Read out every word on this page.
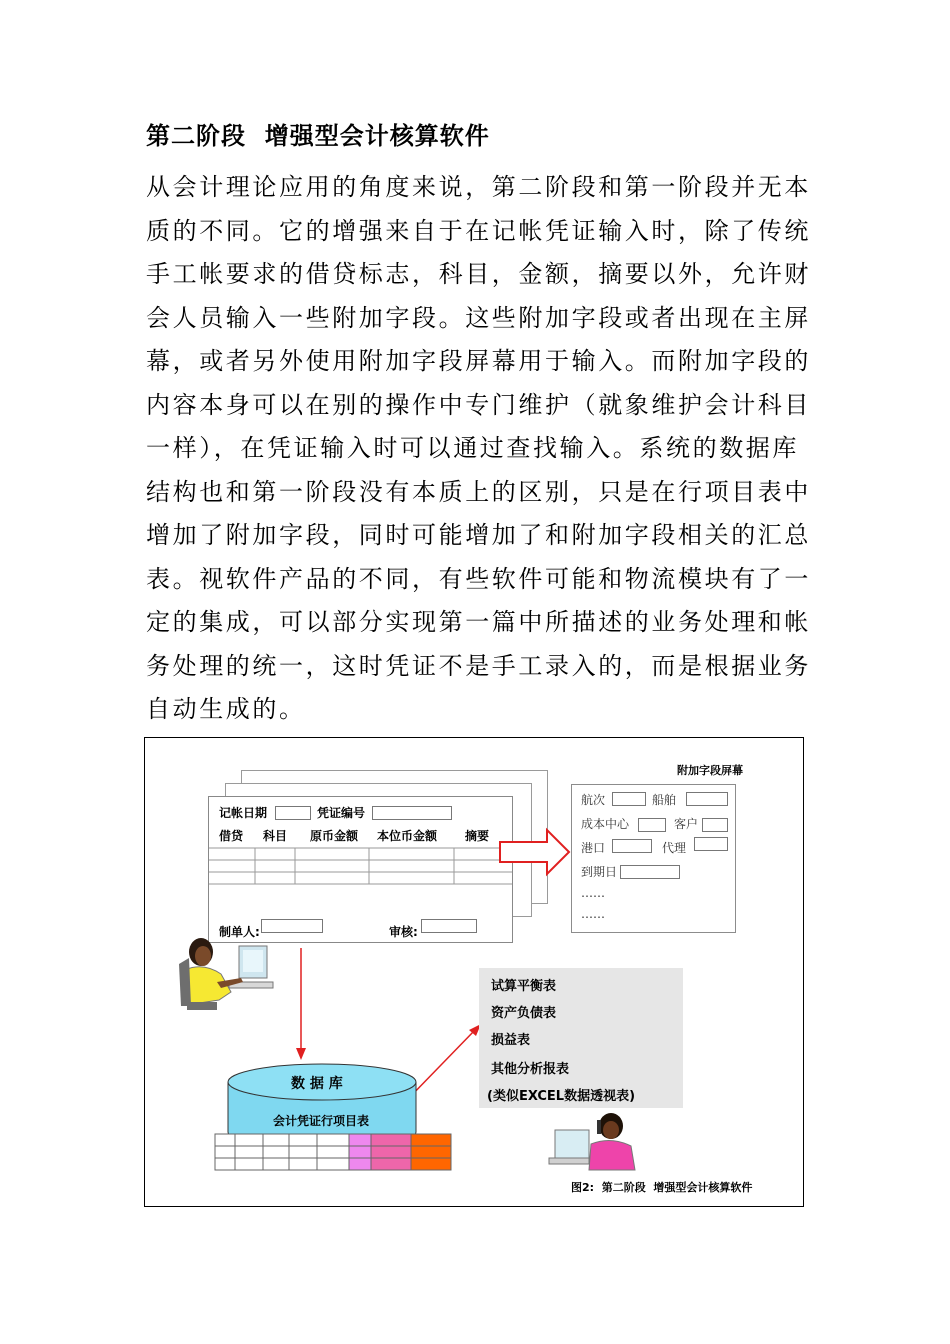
第二阶段  增强型会计核算软件
从会计理论应用的角度来说，第二阶段和第一阶段并无本
质的不同。它的增强来自于在记帐凭证输入时，除了传统
手工帐要求的借贷标志，科目，金额，摘要以外，允许财
会人员输入一些附加字段。这些附加字段或者出现在主屏
幕，或者另外使用附加字段屏幕用于输入。而附加字段的
内容本身可以在别的操作中专门维护（就象维护会计科目
一样），在凭证输入时可以通过查找输入。系统的数据库
结构也和第一阶段没有本质上的区别，只是在行项目表中
增加了附加字段，同时可能增加了和附加字段相关的汇总
表。视软件产品的不同，有些软件可能和物流模块有了一
定的集成，可以部分实现第一篇中所描述的业务处理和帐
务处理的统一，这时凭证不是手工录入的，而是根据业务
自动生成的。
记帐日期	凭证编号
借贷 科目 原币金额 本位币金额 摘要
制单人:	审核:
附加字段屏幕
航次	船舶
成本中心	客户
港口	代理
到期日
……
……
数 据 库
会计凭证行项目表
试算平衡表
资产负债表
损益表
其他分析报表
(类似EXCEL数据透视表)
图2:  第二阶段  增强型会计核算软件
